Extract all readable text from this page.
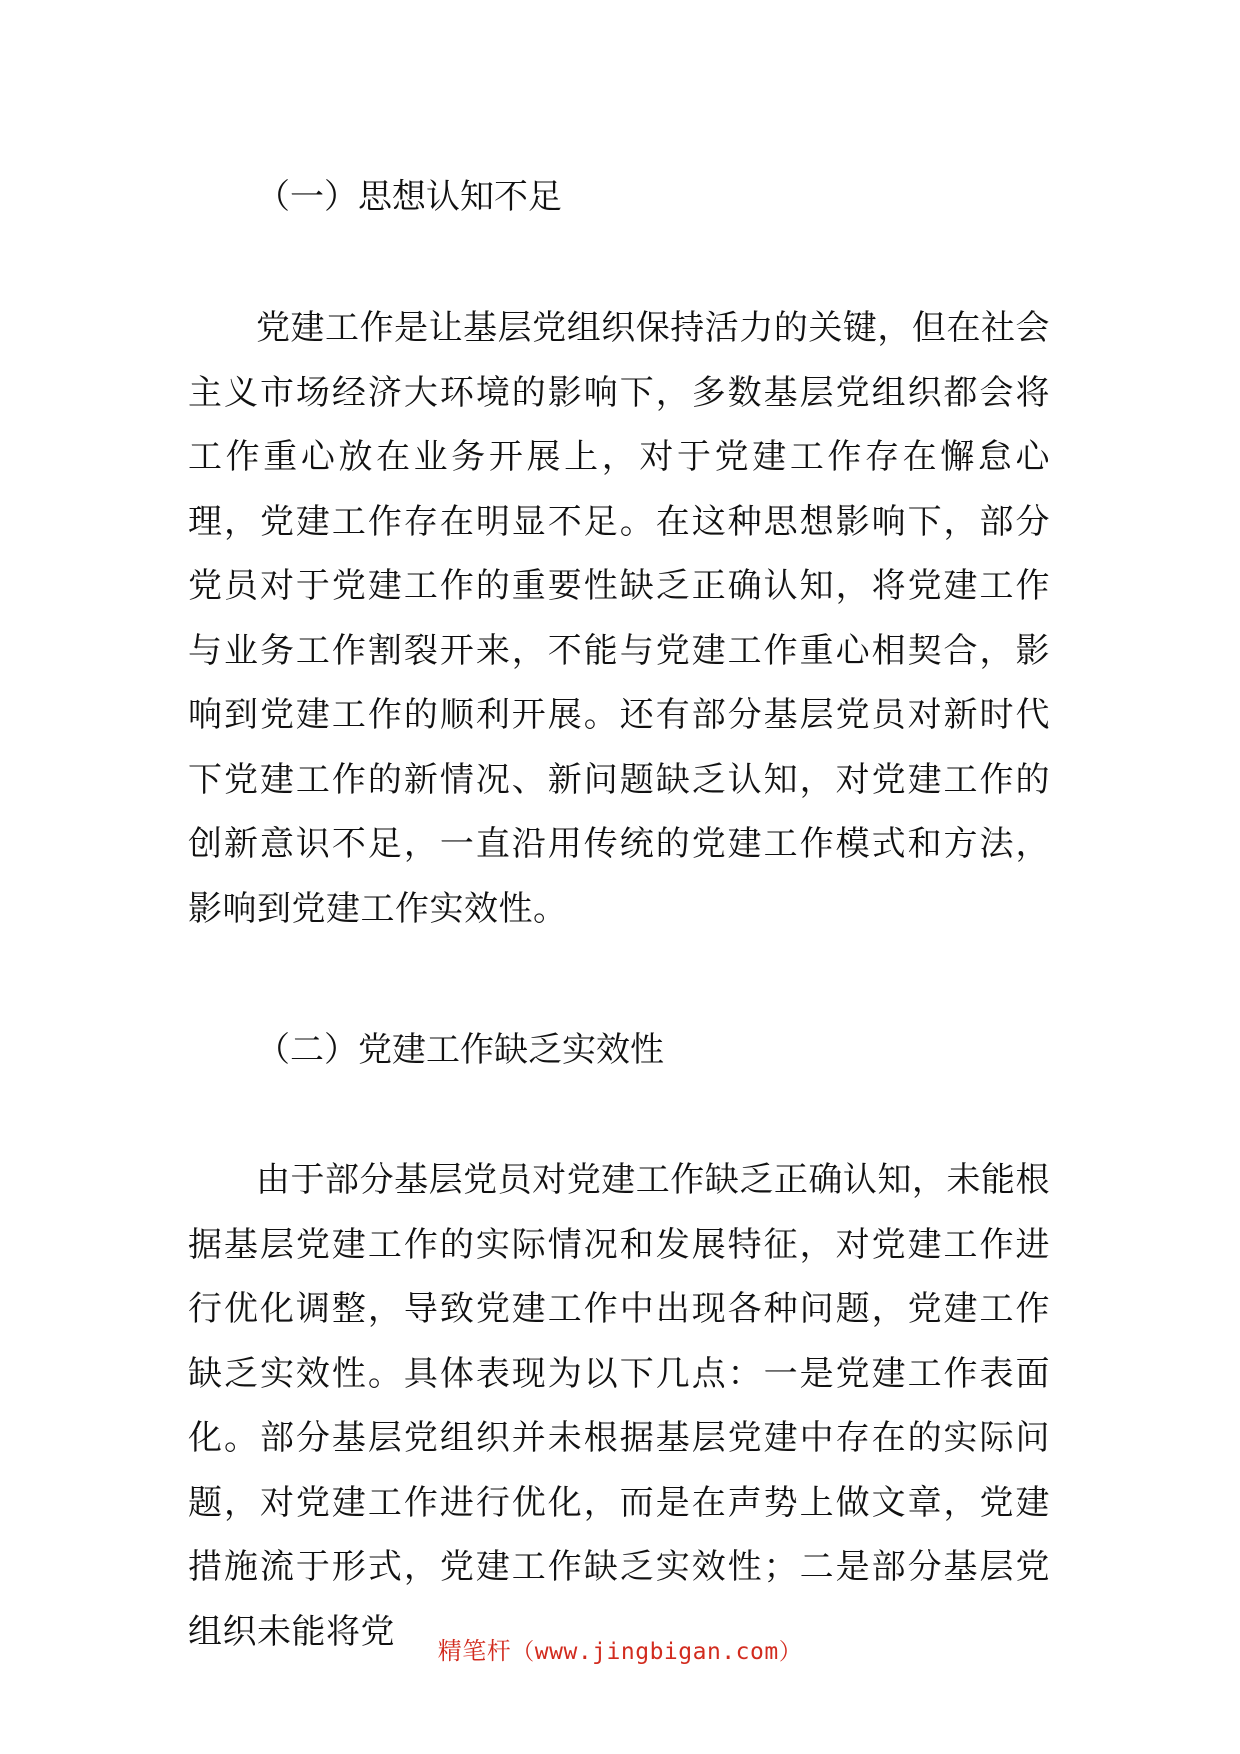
（一）思想认知不足
党建工作是让基层党组织保持活力的关键，但在社会主义市场经济大环境的影响下，多数基层党组织都会将工作重心放在业务开展上，对于党建工作存在懈怠心理，党建工作存在明显不足。在这种思想影响下，部分党员对于党建工作的重要性缺乏正确认知，将党建工作与业务工作割裂开来，不能与党建工作重心相契合，影响到党建工作的顺利开展。还有部分基层党员对新时代下党建工作的新情况、新问题缺乏认知，对党建工作的创新意识不足，一直沿用传统的党建工作模式和方法，影响到党建工作实效性。
（二）党建工作缺乏实效性
由于部分基层党员对党建工作缺乏正确认知，未能根据基层党建工作的实际情况和发展特征，对党建工作进行优化调整，导致党建工作中出现各种问题，党建工作缺乏实效性。具体表现为以下几点：一是党建工作表面化。部分基层党组织并未根据基层党建中存在的实际问题，对党建工作进行优化，而是在声势上做文章，党建措施流于形式，党建工作缺乏实效性；二是部分基层党组织未能将党	精笔杆（www.jingbigan.com）
